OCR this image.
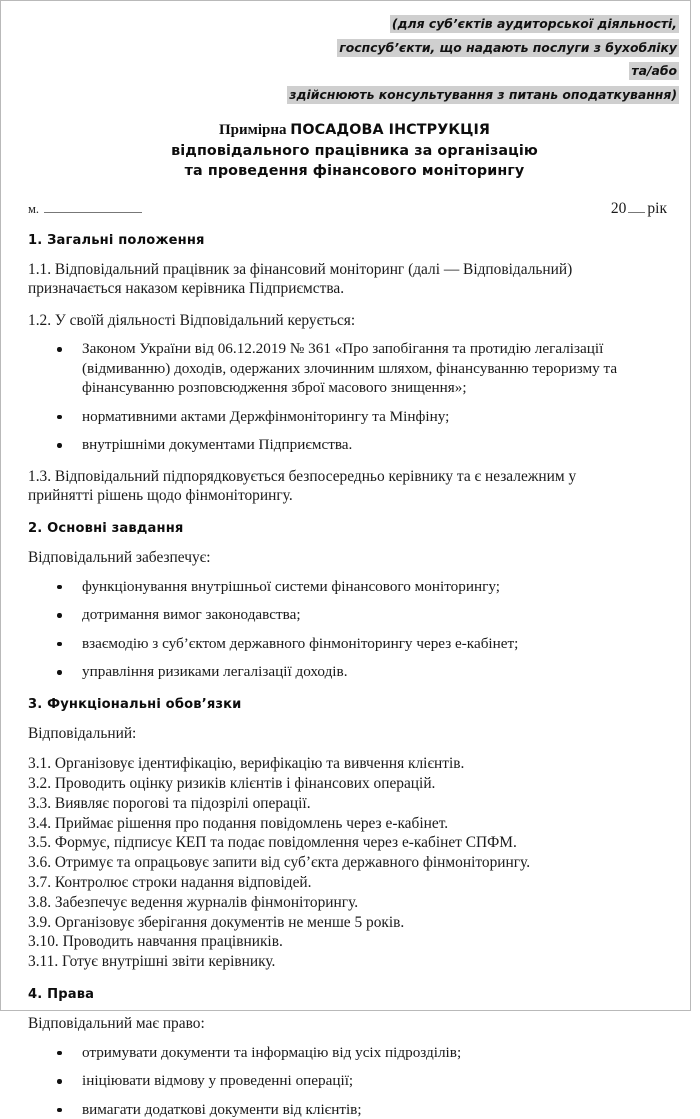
(для суб’єктів аудиторської діяльності,
госпсуб’єкти, що надають послуги з бухобліку
та/або
здійснюють консультування з питань оподаткування)
Примірна ПОСАДОВА ІНСТРУКЦІЯ
відповідального працівника за організацію
та проведення фінансового моніторингу
м.	20 рік
1. Загальні положення

1.1. Відповідальний працівник за фінансовий моніторинг (далі — Відповідальний) призначається наказом керівника Підприємства.

1.2. У своїй діяльності Відповідальний керується:

Законом України від 06.12.2019 № 361 «Про запобігання та протидію легалізації (відмиванню) доходів, одержаних злочинним шляхом, фінансуванню тероризму та фінансуванню розповсюдження зброї масового знищення»;
нормативними актами Держфінмоніторингу та Мінфіну;
внутрішніми документами Підприємства.

1.3. Відповідальний підпорядковується безпосередньо керівнику та є незалежним у прийнятті рішень щодо фінмоніторингу.

2. Основні завдання

Відповідальний забезпечує:

функціонування внутрішньої системи фінансового моніторингу;
дотримання вимог законодавства;
взаємодію з суб’єктом державного фінмоніторингу через е-кабінет;
управління ризиками легалізації доходів.
3. Функціональні обов’язки

Відповідальний:

3.1. Організовує ідентифікацію, верифікацію та вивчення клієнтів.
3.2. Проводить оцінку ризиків клієнтів і фінансових операцій.
3.3. Виявляє порогові та підозрілі операції.
3.4. Приймає рішення про подання повідомлень через е-кабінет.
3.5. Формує, підписує КЕП та подає повідомлення через е-кабінет СПФМ.
3.6. Отримує та опрацьовує запити від суб’єкта державного фінмоніторингу.
3.7. Контролює строки надання відповідей.
3.8. Забезпечує ведення журналів фінмоніторингу.
3.9. Організовує зберігання документів не менше 5 років.
3.10. Проводить навчання працівників.
3.11. Готує внутрішні звіти керівнику.
4. Права

Відповідальний має право:

отримувати документи та інформацію від усіх підрозділів;
ініціювати відмову у проведенні операції;
вимагати додаткові документи від клієнтів;
